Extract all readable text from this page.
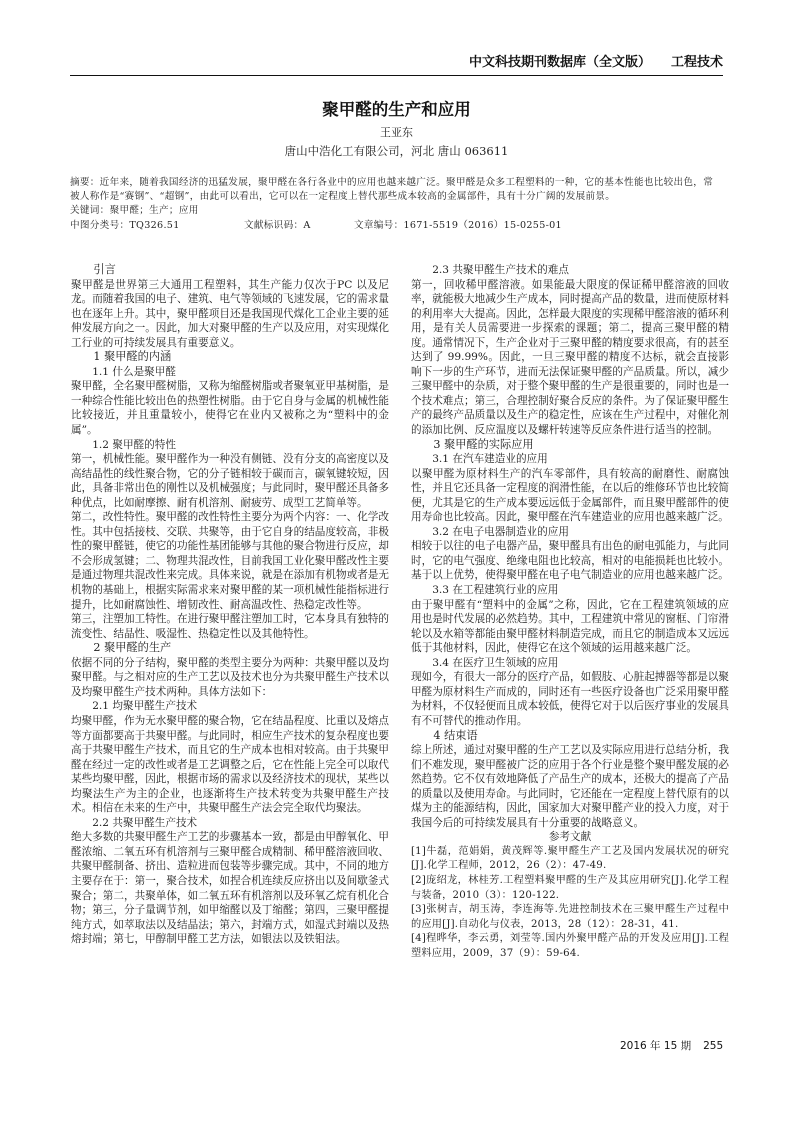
中文科技期刊数据库（全文版） 工程技术
聚甲醛的生产和应用
王亚东
唐山中浩化工有限公司，河北 唐山 063611
摘要：近年来，随着我国经济的迅猛发展，聚甲醛在各行各业中的应用也越来越广泛。聚甲醛是众多工程塑料的一种，它的基本性能也比较出色，常被人称作是“赛钢”、“超钢”，由此可以看出，它可以在一定程度上替代那些成本较高的金属部件，具有十分广阔的发展前景。
关键词：聚甲醛；生产；应用
中图分类号：TQ326.51	文献标识码：A	文章编号：1671-5519（2016）15-0255-01
引言
聚甲醛是世界第三大通用工程塑料，其生产能力仅次于PC 以及尼龙。而随着我国的电子、建筑、电气等领域的飞速发展，它的需求量也在逐年上升。其中，聚甲醛项目还是我国现代煤化工企业主要的延伸发展方向之一。因此，加大对聚甲醛的生产以及应用，对实现煤化工行业的可持续发展具有重要意义。
1 聚甲醛的内涵
1.1 什么是聚甲醛
聚甲醛，全名聚甲醛树脂，又称为缩醛树脂或者聚氧亚甲基树脂，是一种综合性能比较出色的热塑性树脂。由于它自身与金属的机械性能比较接近，并且重量较小，使得它在业内又被称之为“塑料中的金属”。
1.2 聚甲醛的特性
第一，机械性能。聚甲醛作为一种没有侧链、没有分支的高密度以及高结晶性的线性聚合物，它的分子链相较于碳而言，碳氧键较短，因此，具备非常出色的刚性以及机械强度；与此同时，聚甲醛还具备多种优点，比如耐摩擦、耐有机溶剂、耐疲劳、成型工艺简单等。
第二，改性特性。聚甲醛的改性特性主要分为两个内容：一、化学改性。其中包括接枝、交联、共聚等，由于它自身的结晶度较高，非极性的聚甲醛链，使它的功能性基团能够与其他的聚合物进行反应，却不会形成氢键；二、物理共混改性，目前我国工业化聚甲醛改性主要是通过物理共混改性来完成。具体来说，就是在添加有机物或者是无机物的基础上，根据实际需求来对聚甲醛的某一项机械性能指标进行提升，比如耐腐蚀性、增韧改性、耐高温改性、热稳定改性等。
第三，注塑加工特性。在进行聚甲醛注塑加工时，它本身具有独特的流变性、结晶性、吸湿性、热稳定性以及其他特性。
2 聚甲醛的生产
依据不同的分子结构，聚甲醛的类型主要分为两种：共聚甲醛以及均聚甲醛。与之相对应的生产工艺以及技术也分为共聚甲醛生产技术以及均聚甲醛生产技术两种。具体方法如下：
2.1 均聚甲醛生产技术
均聚甲醛，作为无水聚甲醛的聚合物，它在结晶程度、比重以及熔点等方面都要高于共聚甲醛。与此同时，相应生产技术的复杂程度也要高于共聚甲醛生产技术，而且它的生产成本也相对较高。由于共聚甲醛在经过一定的改性或者是工艺调整之后，它在性能上完全可以取代某些均聚甲醛，因此，根据市场的需求以及经济技术的现状，某些以均聚法生产为主的企业，也逐渐将生产技术转变为共聚甲醛生产技术。相信在未来的生产中，共聚甲醛生产法会完全取代均聚法。
2.2 共聚甲醛生产技术
绝大多数的共聚甲醛生产工艺的步骤基本一致，都是由甲醇氧化、甲醛浓缩、二氧五环有机溶剂与三聚甲醛合成精制、稀甲醛溶液回收、共聚甲醛制备、挤出、造粒进而包装等步骤完成。其中，不同的地方主要存在于：第一，聚合技术，如捏合机连续反应挤出以及间歇釜式聚合；第二，共聚单体，如二氧五环有机溶剂以及环氧乙烷有机化合物；第三，分子量调节剂，如甲缩醛以及丁缩醛；第四，三聚甲醛提纯方式，如萃取法以及结晶法；第六，封端方式，如湿式封端以及热熔封端；第七，甲醇制甲醛工艺方法，如银法以及铁钼法。
2.3 共聚甲醛生产技术的难点
第一，回收稀甲醛溶液。如果能最大限度的保证稀甲醛溶液的回收率，就能极大地减少生产成本，同时提高产品的数量，进而使原材料的利用率大大提高。因此，怎样最大限度的实现稀甲醛溶液的循环利用，是有关人员需要进一步探索的课题；第二，提高三聚甲醛的精度。通常情况下，生产企业对于三聚甲醛的精度要求很高，有的甚至达到了 99.99%。因此，一旦三聚甲醛的精度不达标，就会直接影响下一步的生产环节，进而无法保证聚甲醛的产品质量。所以，减少三聚甲醛中的杂质，对于整个聚甲醛的生产是很重要的，同时也是一个技术难点；第三，合理控制好聚合反应的条件。为了保证聚甲醛生产的最终产品质量以及生产的稳定性，应该在生产过程中，对催化剂的添加比例、反应温度以及螺杆转速等反应条件进行适当的控制。
3 聚甲醛的实际应用
3.1 在汽车建造业的应用
以聚甲醛为原材料生产的汽车零部件，具有较高的耐磨性、耐腐蚀性，并且它还具备一定程度的润滑性能，在以后的维修环节也比较简便，尤其是它的生产成本要远远低于金属部件，而且聚甲醛部件的使用寿命也比较高。因此，聚甲醛在汽车建造业的应用也越来越广泛。
3.2 在电子电器制造业的应用
相较于以往的电子电器产品，聚甲醛具有出色的耐电弧能力，与此同时，它的电气强度、绝缘电阻也比较高，相对的电能损耗也比较小。基于以上优势，使得聚甲醛在电子电气制造业的应用也越来越广泛。
3.3 在工程建筑行业的应用
由于聚甲醛有“塑料中的金属”之称，因此，它在工程建筑领域的应用也是时代发展的必然趋势。其中，工程建筑中常见的窗框、门帘滑轮以及水箱等都能由聚甲醛材料制造完成，而且它的制造成本又远远低于其他材料，因此，使得它在这个领域的运用越来越广泛。
3.4 在医疗卫生领域的应用
现如今，有很大一部分的医疗产品，如假肢、心脏起搏器等都是以聚甲醛为原材料生产而成的，同时还有一些医疗设备也广泛采用聚甲醛为材料，不仅轻便而且成本较低，使得它对于以后医疗事业的发展具有不可替代的推动作用。
4 结束语
综上所述，通过对聚甲醛的生产工艺以及实际应用进行总结分析，我们不难发现，聚甲醛被广泛的应用于各个行业是整个聚甲醛发展的必然趋势。它不仅有效地降低了产品生产的成本，还极大的提高了产品的质量以及使用寿命。与此同时，它还能在一定程度上替代原有的以煤为主的能源结构，因此，国家加大对聚甲醛产业的投入力度，对于我国今后的可持续发展具有十分重要的战略意义。
参考文献
[1]牛磊，范娟娟，黄茂辉等.聚甲醛生产工艺及国内发展状况的研究[J].化学工程师，2012，26（2）：47-49.
[2]庞绍龙，林桂芳.工程塑料聚甲醛的生产及其应用研究[J].化学工程与装备，2010（3）：120-122.
[3]张树吉，胡玉涛，李连海等.先进控制技术在三聚甲醛生产过程中的应用[J].自动化与仪表，2013，28（12）：28-31，41.
[4]程晔华，李云勇，刘莹等.国内外聚甲醛产品的开发及应用[J].工程塑料应用，2009，37（9）：59-64.
2016 年 15 期 255
